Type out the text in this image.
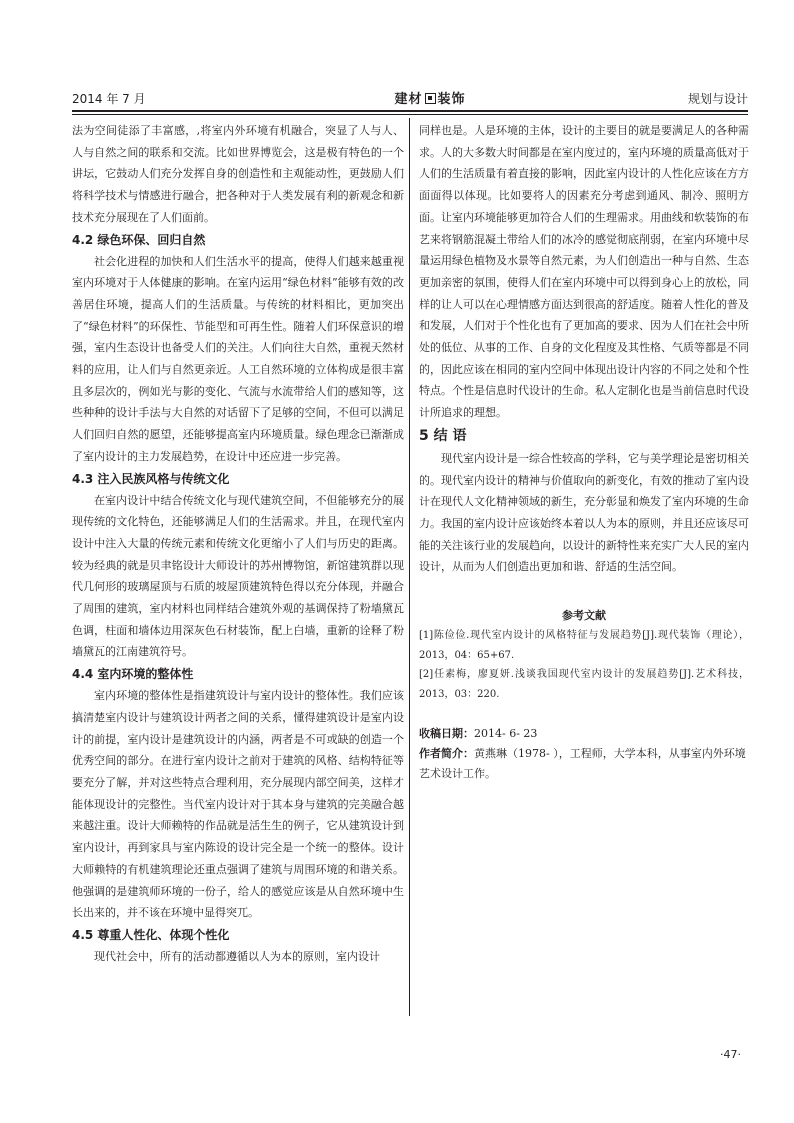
2014 年 7 月	建材 装饰	规划与设计

法为空间徒添了丰富感，,将室内外环境有机融合，突显了人与人、人与自然之间的联系和交流。比如世界博览会，这是极有特色的一个讲坛，它鼓动人们充分发挥自身的创造性和主观能动性，更鼓励人们将科学技术与情感进行融合，把各种对于人类发展有利的新观念和新技术充分展现在了人们面前。

4.2 绿色环保、回归自然

社会化进程的加快和人们生活水平的提高，使得人们越来越重视室内环境对于人体健康的影响。在室内运用“绿色材料”能够有效的改善居住环境，提高人们的生活质量。与传统的材料相比，更加突出了“绿色材料”的环保性、节能型和可再生性。随着人们环保意识的增强，室内生态设计也备受人们的关注。人们向往大自然，重视天然材料的应用，让人们与自然更亲近。人工自然环境的立体构成是很丰富且多层次的，例如光与影的变化、气流与水流带给人们的感知等，这些种种的设计手法与大自然的对话留下了足够的空间，不但可以满足人们回归自然的愿望，还能够提高室内环境质量。绿色理念已渐渐成了室内设计的主力发展趋势，在设计中还应进一步完善。

4.3 注入民族风格与传统文化

在室内设计中结合传统文化与现代建筑空间，不但能够充分的展现传统的文化特色，还能够满足人们的生活需求。并且，在现代室内设计中注入大量的传统元素和传统文化更缩小了人们与历史的距离。较为经典的就是贝聿铭设计大师设计的苏州博物馆，新馆建筑群以现代几何形的玻璃屋顶与石质的坡屋顶建筑特色得以充分体现，并融合了周围的建筑，室内材料也同样结合建筑外观的基调保持了粉墙黛瓦色调，柱面和墙体边用深灰色石材装饰，配上白墙，重新的诠释了粉墙黛瓦的江南建筑符号。

4.4 室内环境的整体性

室内环境的整体性是指建筑设计与室内设计的整体性。我们应该搞清楚室内设计与建筑设计两者之间的关系，懂得建筑设计是室内设计的前提，室内设计是建筑设计的内涵，两者是不可或缺的创造一个优秀空间的部分。在进行室内设计之前对于建筑的风格、结构特征等要充分了解，并对这些特点合理利用，充分展现内部空间美，这样才能体现设计的完整性。当代室内设计对于其本身与建筑的完美融合越来越注重。设计大师赖特的作品就是活生生的例子，它从建筑设计到室内设计，再到家具与室内陈设的设计完全是一个统一的整体。设计大师赖特的有机建筑理论还重点强调了建筑与周围环境的和谐关系。他强调的是建筑师环境的一份子，给人的感觉应该是从自然环境中生长出来的，并不该在环境中显得突兀。

4.5 尊重人性化、体现个性化

现代社会中，所有的活动都遵循以人为本的原则，室内设计

同样也是。人是环境的主体，设计的主要目的就是要满足人的各种需求。人的大多数大时间都是在室内度过的，室内环境的质量高低对于人们的生活质量有着直接的影响，因此室内设计的人性化应该在方方面面得以体现。比如要将人的因素充分考虑到通风、制冷、照明方面。让室内环境能够更加符合人们的生理需求。用曲线和软装饰的布艺来将钢筋混凝土带给人们的冰冷的感觉彻底削弱，在室内环境中尽量运用绿色植物及水景等自然元素，为人们创造出一种与自然、生态更加亲密的氛围，使得人们在室内环境中可以得到身心上的放松，同样的让人可以在心理情感方面达到很高的舒适度。随着人性化的普及和发展，人们对于个性化也有了更加高的要求、因为人们在社会中所处的低位、从事的工作、自身的文化程度及其性格、气质等都是不同的，因此应该在相同的室内空间中体现出设计内容的不同之处和个性特点。个性是信息时代设计的生命。私人定制化也是当前信息时代设计所追求的理想。

5 结 语

现代室内设计是一综合性较高的学科，它与美学理论是密切相关的。现代室内设计的精神与价值取向的新变化，有效的推动了室内设计在现代人文化精神领域的新生，充分彰显和焕发了室内环境的生命力。我国的室内设计应该始终本着以人为本的原则，并且还应该尽可能的关注该行业的发展趋向，以设计的新特性来充实广大人民的室内设计，从而为人们创造出更加和谐、舒适的生活空间。

参考文献

[1]陈俭俭.现代室内设计的风格特征与发展趋势[J].现代装饰（理论），2013，04：65+67.

[2]任素梅，廖夏妍.浅谈我国现代室内设计的发展趋势[J].艺术科技，2013，03：220.

收稿日期：2014- 6- 23

作者简介：黄燕琳（1978- ），工程师，大学本科，从事室内外环境艺术设计工作。

·47·
